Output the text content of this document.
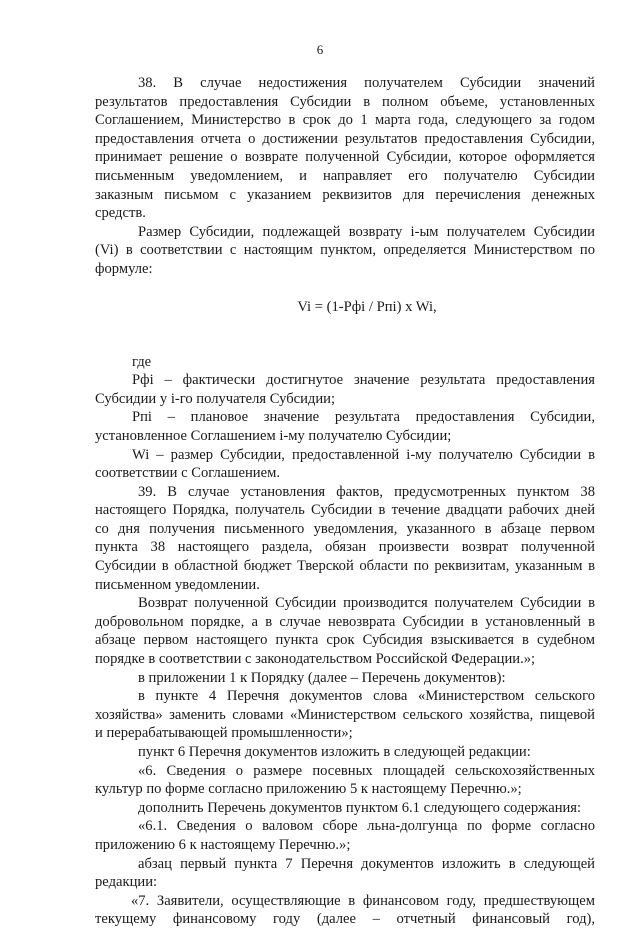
6
38. В случае недостижения получателем Субсидии значений
результатов предоставления Субсидии в полном объеме, установленных
Соглашением, Министерство в срок до 1 марта года, следующего за годом
предоставления отчета о достижении результатов предоставления Субсидии,
принимает решение о возврате полученной Субсидии, которое оформляется
письменным уведомлением, и направляет его получателю Субсидии
заказным письмом с указанием реквизитов для перечисления денежных
средств.
Размер Субсидии, подлежащей возврату i-ым получателем Субсидии
(Vi) в соответствии с настоящим пунктом, определяется Министерством по
формуле:
Vi = (1-Pфi / Pпi) x Wi,
где
Pфi – фактически достигнутое значение результата предоставления
Субсидии у i-го получателя Субсидии;
Pпi – плановое значение результата предоставления Субсидии,
установленное Соглашением i-му получателю Субсидии;
Wi – размер Субсидии, предоставленной i-му получателю Субсидии в
соответствии с Соглашением.
39. В случае установления фактов, предусмотренных пунктом 38
настоящего Порядка, получатель Субсидии в течение двадцати рабочих дней
со дня получения письменного уведомления, указанного в абзаце первом
пункта 38 настоящего раздела, обязан произвести возврат полученной
Субсидии в областной бюджет Тверской области по реквизитам, указанным в
письменном уведомлении.
Возврат полученной Субсидии производится получателем Субсидии в
добровольном порядке, а в случае невозврата Субсидии в установленный в
абзаце первом настоящего пункта срок Субсидия взыскивается в судебном
порядке в соответствии с законодательством Российской Федерации.»;
в приложении 1 к Порядку (далее – Перечень документов):
в пункте 4 Перечня документов слова «Министерством сельского
хозяйства» заменить словами «Министерством сельского хозяйства, пищевой
и перерабатывающей промышленности»;
пункт 6 Перечня документов изложить в следующей редакции:
«6. Сведения о размере посевных площадей сельскохозяйственных
культур по форме согласно приложению 5 к настоящему Перечню.»;
дополнить Перечень документов пунктом 6.1 следующего содержания:
«6.1. Сведения о валовом сборе льна-долгунца по форме согласно
приложению 6 к настоящему Перечню.»;
абзац первый пункта 7 Перечня документов изложить в следующей
редакции:
«7. Заявители, осуществляющие в финансовом году, предшествующем
текущему финансовому году (далее – отчетный финансовый год),
